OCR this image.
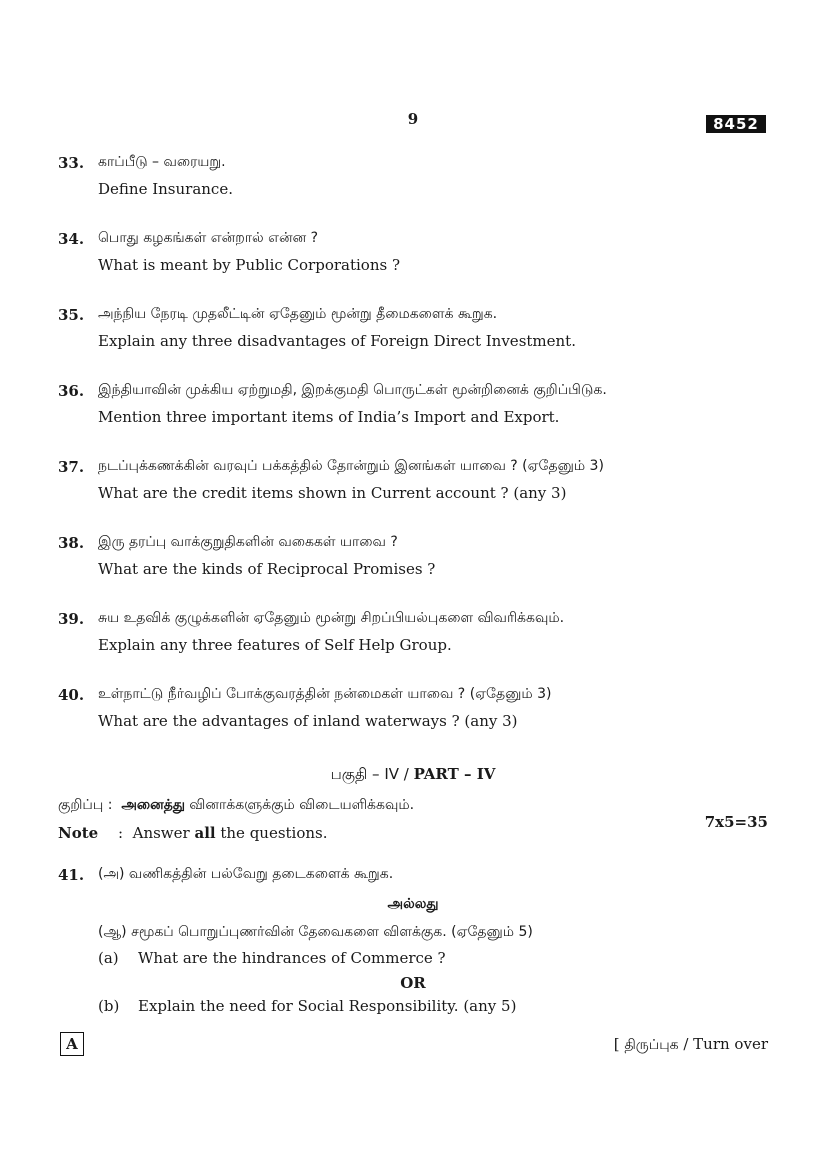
9	8452
33. காப்பீடு – வரையறு.
Define Insurance.
34. பொது கழகங்கள் என்றால் என்ன ?
What is meant by Public Corporations ?
35. அந்நிய நேரடி முதலீட்டின் ஏதேனும் மூன்று தீமைகளைக் கூறுக.
Explain any three disadvantages of Foreign Direct Investment.
36. இந்தியாவின் முக்கிய ஏற்றுமதி, இறக்குமதி பொருட்கள் மூன்றினைக் குறிப்பிடுக.
Mention three important items of India’s Import and Export.
37. நடப்புக்கணக்கின் வரவுப் பக்கத்தில் தோன்றும் இனங்கள் யாவை ? (ஏதேனும் 3)
What are the credit items shown in Current account ? (any 3)
38. இரு தரப்பு வாக்குறுதிகளின் வகைகள் யாவை ?
What are the kinds of Reciprocal Promises ?
39. சுய உதவிக் குழுக்களின் ஏதேனும் மூன்று சிறப்பியல்புகளை விவரிக்கவும்.
Explain any three features of Self Help Group.
40. உள்நாட்டு நீர்வழிப் போக்குவரத்தின் நன்மைகள் யாவை ? (ஏதேனும் 3)
What are the advantages of inland waterways ? (any 3)
பகுதி – IV / PART – IV
குறிப்பு : அனைத்து வினாக்களுக்கும் விடையளிக்கவும்.
Note : Answer all the questions.
7x5=35
41. (அ) வணிகத்தின் பல்வேறு தடைகளைக் கூறுக.
அல்லது
(ஆ) சமூகப் பொறுப்புணர்வின் தேவைகளை விளக்குக. (ஏதேனும் 5)
(a) What are the hindrances of Commerce ?
OR
(b) Explain the need for Social Responsibility. (any 5)
A	[ திருப்புக / Turn over
